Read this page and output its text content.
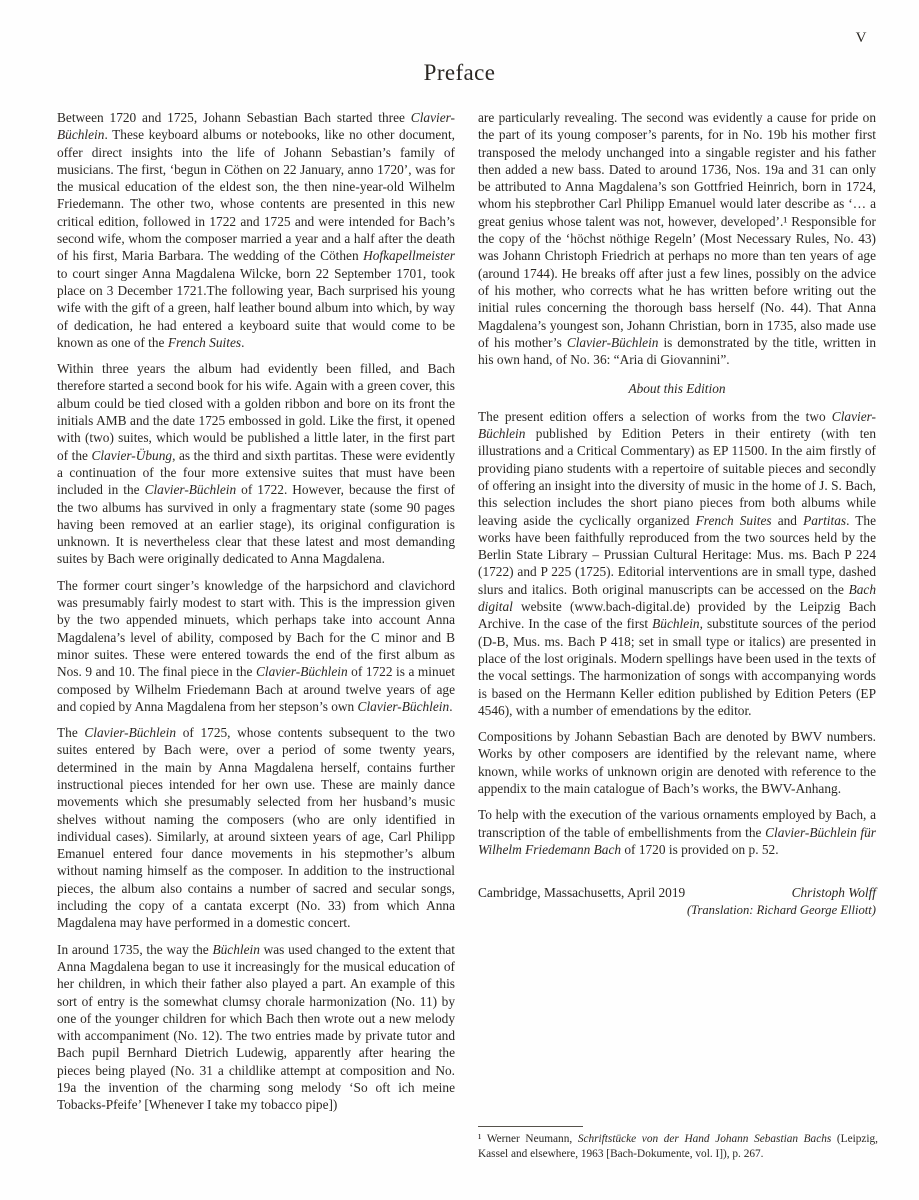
V
Preface

Between 1720 and 1725, Johann Sebastian Bach started three Clavier-Büchlein. These keyboard albums or notebooks, like no other document, offer direct insights into the life of Johann Sebastian’s family of musicians. The first, ‘begun in Cöthen on 22 January, anno 1720’, was for the musical education of the eldest son, the then nine-year-old Wilhelm Friedemann. The other two, whose contents are presented in this new critical edition, followed in 1722 and 1725 and were intended for Bach’s second wife, whom the composer married a year and a half after the death of his first, Maria Barbara. The wedding of the Cöthen Hofkapellmeister to court singer Anna Magdalena Wilcke, born 22 September 1701, took place on 3 December 1721.The following year, Bach surprised his young wife with the gift of a green, half leather bound album into which, by way of dedication, he had entered a keyboard suite that would come to be known as one of the French Suites.

Within three years the album had evidently been filled, and Bach therefore started a second book for his wife. Again with a green cover, this album could be tied closed with a golden ribbon and bore on its front the initials AMB and the date 1725 embossed in gold. Like the first, it opened with (two) suites, which would be published a little later, in the first part of the Clavier-Übung, as the third and sixth partitas. These were evidently a continuation of the four more extensive suites that must have been included in the Clavier-Büchlein of 1722. However, because the first of the two albums has survived in only a fragmentary state (some 90 pages having been removed at an earlier stage), its original configuration is unknown. It is nevertheless clear that these latest and most demanding suites by Bach were originally dedicated to Anna Magdalena.

The former court singer’s knowledge of the harpsichord and clavichord was presumably fairly modest to start with. This is the impression given by the two appended minuets, which perhaps take into account Anna Magdalena’s level of ability, composed by Bach for the C minor and B minor suites. These were entered towards the end of the first album as Nos. 9 and 10. The final piece in the Clavier-Büchlein of 1722 is a minuet composed by Wilhelm Friedemann Bach at around twelve years of age and copied by Anna Magdalena from her stepson’s own Clavier-Büchlein.

The Clavier-Büchlein of 1725, whose contents subsequent to the two suites entered by Bach were, over a period of some twenty years, determined in the main by Anna Magdalena herself, contains further instructional pieces intended for her own use. These are mainly dance movements which she presumably selected from her husband’s music shelves without naming the composers (who are only identified in individual cases). Similarly, at around sixteen years of age, Carl Philipp Emanuel entered four dance movements in his stepmother’s album without naming himself as the composer. In addition to the instructional pieces, the album also contains a number of sacred and secular songs, including the copy of a cantata excerpt (No. 33) from which Anna Magdalena may have performed in a domestic concert.

In around 1735, the way the Büchlein was used changed to the extent that Anna Magdalena began to use it increasingly for the musical education of her children, in which their father also played a part. An example of this sort of entry is the somewhat clumsy chorale harmonization (No. 11) by one of the younger children for which Bach then wrote out a new melody with accompaniment (No. 12). The two entries made by private tutor and Bach pupil Bernhard Dietrich Ludewig, apparently after hearing the pieces being played (No. 31 a childlike attempt at composition and No. 19a the invention of the charming song melody ‘So oft ich meine Tobacks-Pfeife’ [Whenever I take my tobacco pipe])

are particularly revealing. The second was evidently a cause for pride on the part of its young composer’s parents, for in No. 19b his mother first transposed the melody unchanged into a singable register and his father then added a new bass. Dated to around 1736, Nos. 19a and 31 can only be attributed to Anna Magdalena’s son Gottfried Heinrich, born in 1724, whom his stepbrother Carl Philipp Emanuel would later describe as ‘… a great genius whose talent was not, however, developed’.¹ Responsible for the copy of the ‘höchst nöthige Regeln’ (Most Necessary Rules, No. 43) was Johann Christoph Friedrich at perhaps no more than ten years of age (around 1744). He breaks off after just a few lines, possibly on the advice of his mother, who corrects what he has written before writing out the initial rules concerning the thorough bass herself (No. 44). That Anna Magdalena’s youngest son, Johann Christian, born in 1735, also made use of his mother’s Clavier-Büchlein is demonstrated by the title, written in his own hand, of No. 36: “Aria di Giovannini”.

About this Edition

The present edition offers a selection of works from the two Clavier-Büchlein published by Edition Peters in their entirety (with ten illustrations and a Critical Commentary) as EP 11500. In the aim firstly of providing piano students with a repertoire of suitable pieces and secondly of offering an insight into the diversity of music in the home of J. S. Bach, this selection includes the short piano pieces from both albums while leaving aside the cyclically organized French Suites and Partitas. The works have been faithfully reproduced from the two sources held by the Berlin State Library – Prussian Cultural Heritage: Mus. ms. Bach P 224 (1722) and P 225 (1725). Editorial interventions are in small type, dashed slurs and italics. Both original manuscripts can be accessed on the Bach digital website (www.bach-digital.de) provided by the Leipzig Bach Archive. In the case of the first Büchlein, substitute sources of the period (D-B, Mus. ms. Bach P 418; set in small type or italics) are presented in place of the lost originals. Modern spellings have been used in the texts of the vocal settings. The harmonization of songs with accompanying words is based on the Hermann Keller edition published by Edition Peters (EP 4546), with a number of emendations by the editor.

Compositions by Johann Sebastian Bach are denoted by BWV numbers. Works by other composers are identified by the relevant name, where known, while works of unknown origin are denoted with reference to the appendix to the main catalogue of Bach’s works, the BWV-Anhang.

To help with the execution of the various ornaments employed by Bach, a transcription of the table of embellishments from the Clavier-Büchlein für Wilhelm Friedemann Bach of 1720 is provided on p. 52.

Cambridge, Massachusetts, April 2019	Christoph Wolff
(Translation: Richard George Elliott)

¹ Werner Neumann, Schriftstücke von der Hand Johann Sebastian Bachs (Leipzig, Kassel and elsewhere, 1963 [Bach-Dokumente, vol. I]), p. 267.
